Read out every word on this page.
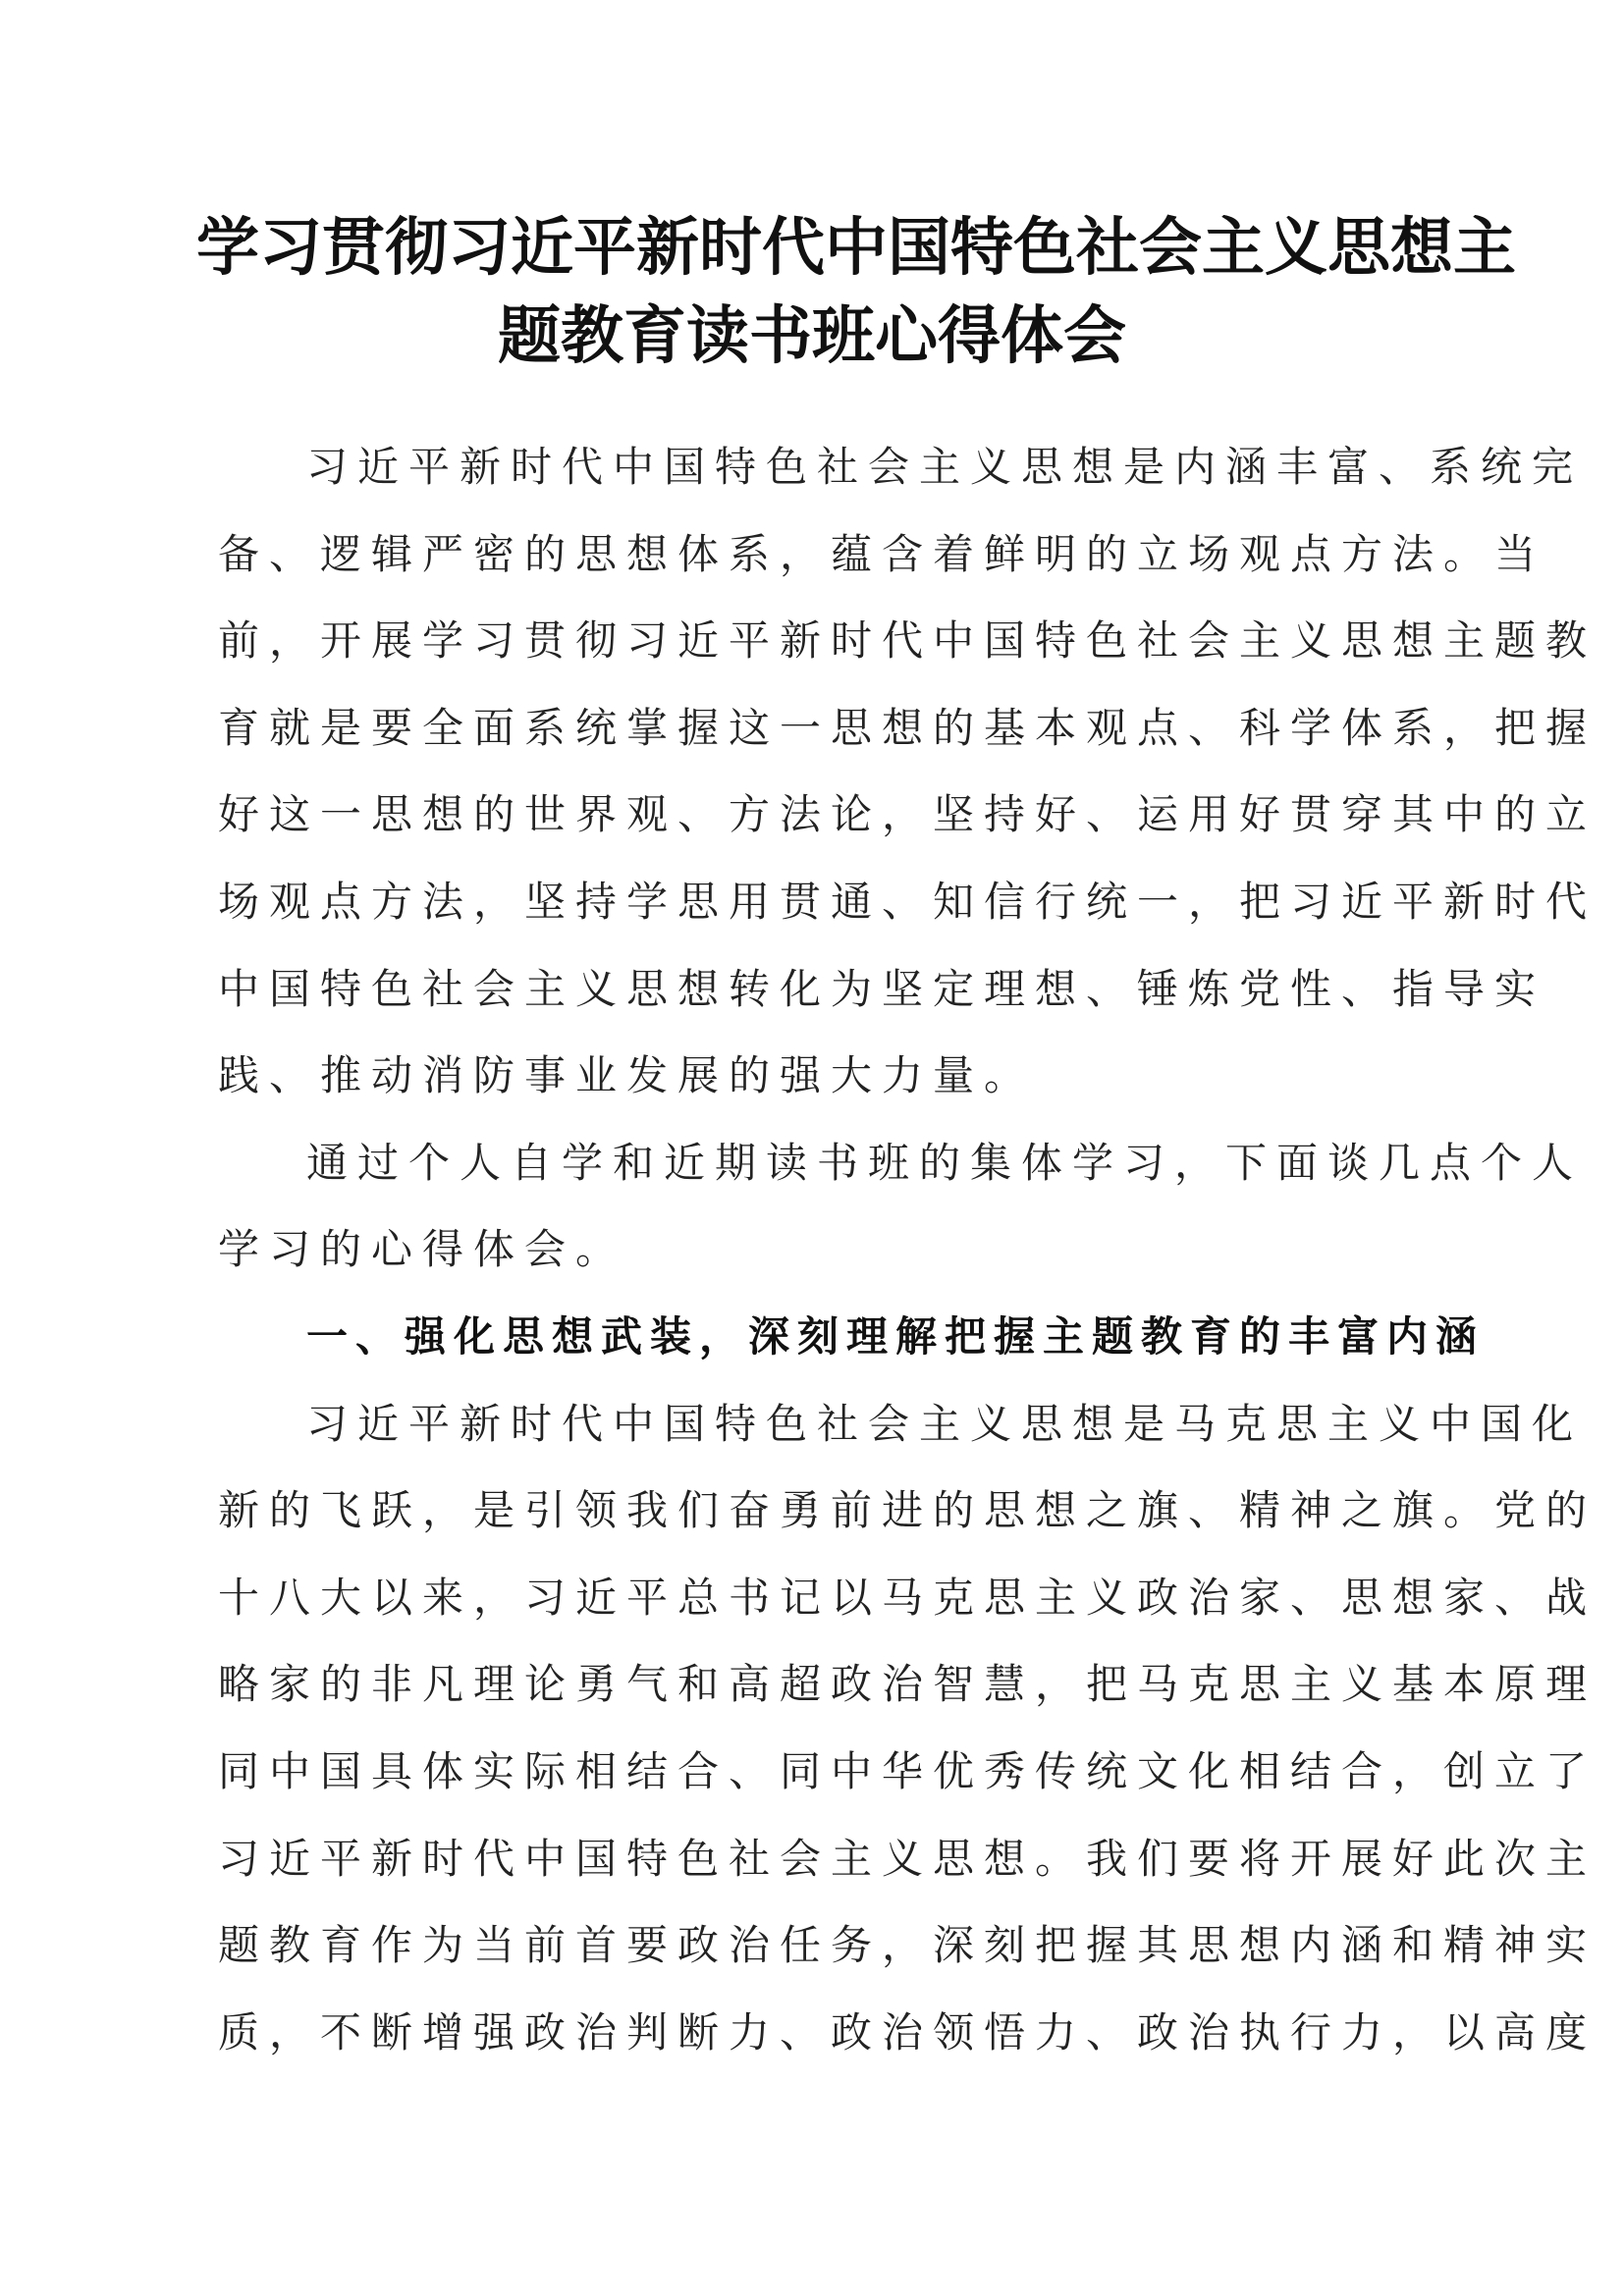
学习贯彻习近平新时代中国特色社会主义思想主
题教育读书班心得体会
习近平新时代中国特色社会主义思想是内涵丰富、系统完
备、逻辑严密的思想体系，蕴含着鲜明的立场观点方法。当
前，开展学习贯彻习近平新时代中国特色社会主义思想主题教
育就是要全面系统掌握这一思想的基本观点、科学体系，把握
好这一思想的世界观、方法论，坚持好、运用好贯穿其中的立
场观点方法，坚持学思用贯通、知信行统一，把习近平新时代
中国特色社会主义思想转化为坚定理想、锤炼党性、指导实
践、推动消防事业发展的强大力量。
通过个人自学和近期读书班的集体学习，下面谈几点个人
学习的心得体会。
一、强化思想武装，深刻理解把握主题教育的丰富内涵
习近平新时代中国特色社会主义思想是马克思主义中国化
新的飞跃，是引领我们奋勇前进的思想之旗、精神之旗。党的
十八大以来，习近平总书记以马克思主义政治家、思想家、战
略家的非凡理论勇气和高超政治智慧，把马克思主义基本原理
同中国具体实际相结合、同中华优秀传统文化相结合，创立了
习近平新时代中国特色社会主义思想。我们要将开展好此次主
题教育作为当前首要政治任务，深刻把握其思想内涵和精神实
质，不断增强政治判断力、政治领悟力、政治执行力，以高度
